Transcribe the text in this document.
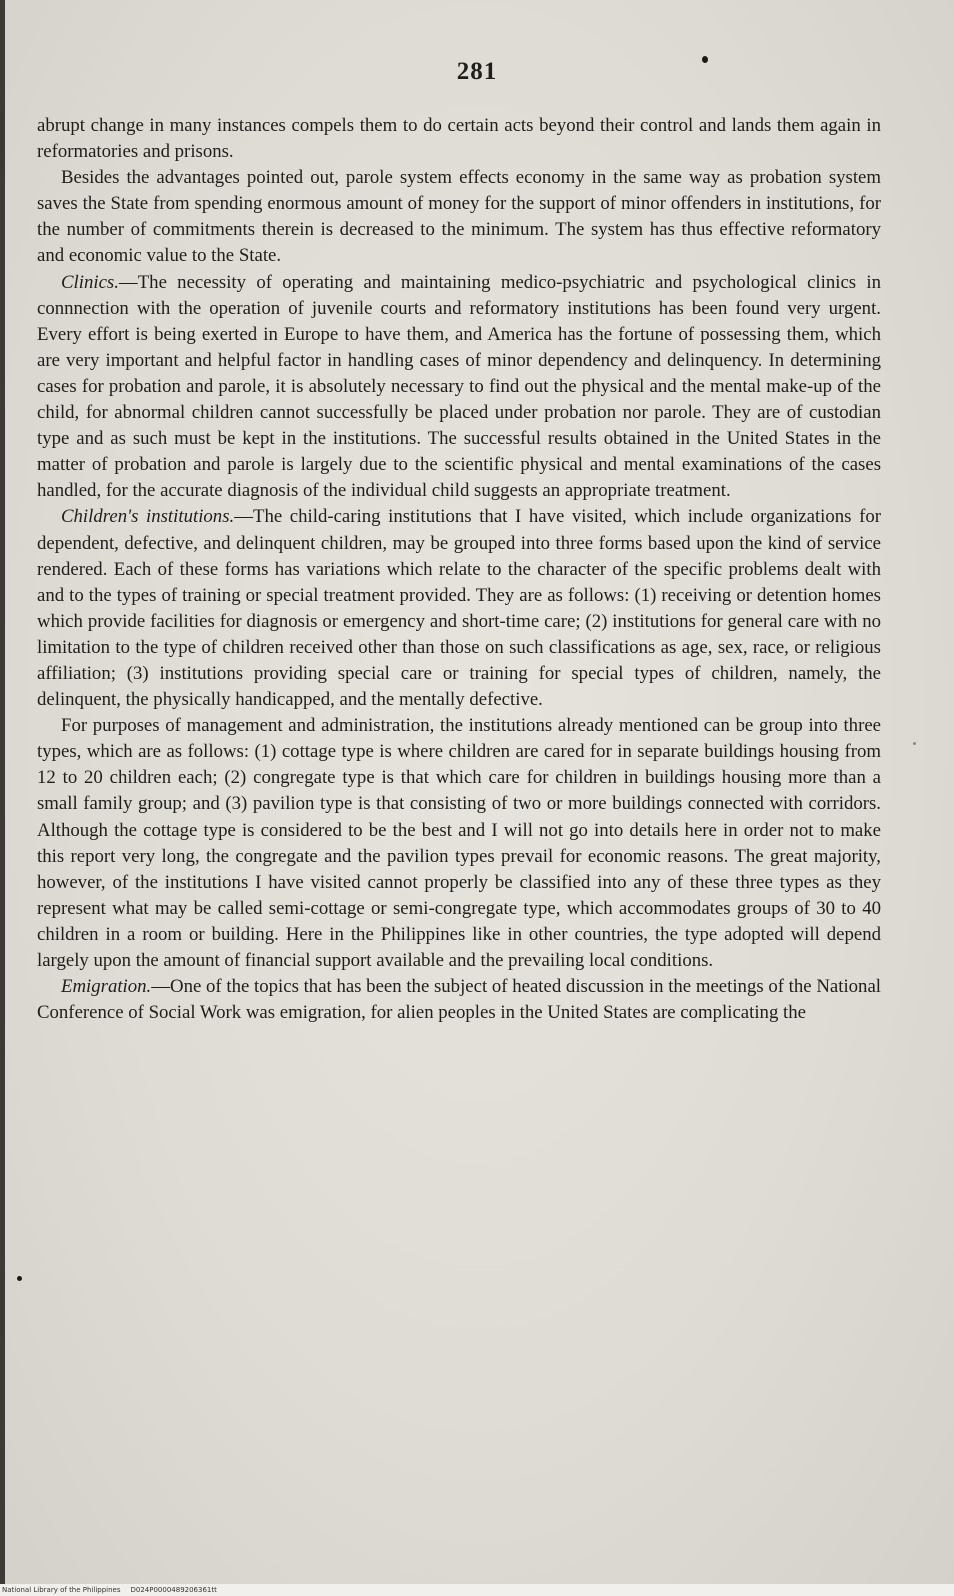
281

abrupt change in many instances compels them to do certain acts beyond their control and lands them again in reformatories and prisons.

Besides the advantages pointed out, parole system effects economy in the same way as probation system saves the State from spending enormous amount of money for the support of minor offenders in institutions, for the number of commitments therein is decreased to the minimum. The system has thus effective reformatory and economic value to the State.

Clinics.—The necessity of operating and maintaining medico-psychiatric and psychological clinics in connnection with the operation of juvenile courts and reformatory institutions has been found very urgent. Every effort is being exerted in Europe to have them, and America has the fortune of possessing them, which are very important and helpful factor in handling cases of minor dependency and delinquency. In determining cases for probation and parole, it is absolutely necessary to find out the physical and the mental make-up of the child, for abnormal children cannot successfully be placed under probation nor parole. They are of custodian type and as such must be kept in the institutions. The successful results obtained in the United States in the matter of probation and parole is largely due to the scientific physical and mental examinations of the cases handled, for the accurate diagnosis of the individual child suggests an appropriate treatment.

Children's institutions.—The child-caring institutions that I have visited, which include organizations for dependent, defective, and delinquent children, may be grouped into three forms based upon the kind of service rendered. Each of these forms has variations which relate to the character of the specific problems dealt with and to the types of training or special treatment provided. They are as follows: (1) receiving or detention homes which provide facilities for diagnosis or emergency and short-time care; (2) institutions for general care with no limitation to the type of children received other than those on such classifications as age, sex, race, or religious affiliation; (3) institutions providing special care or training for special types of children, namely, the delinquent, the physically handicapped, and the mentally defective.

For purposes of management and administration, the institutions already mentioned can be group into three types, which are as follows: (1) cottage type is where children are cared for in separate buildings housing from 12 to 20 children each; (2) congregate type is that which care for children in buildings housing more than a small family group; and (3) pavilion type is that consisting of two or more buildings connected with corridors. Although the cottage type is considered to be the best and I will not go into details here in order not to make this report very long, the congregate and the pavilion types prevail for economic reasons. The great majority, however, of the institutions I have visited cannot properly be classified into any of these three types as they represent what may be called semi-cottage or semi-congregate type, which accommodates groups of 30 to 40 children in a room or building. Here in the Philippines like in other countries, the type adopted will depend largely upon the amount of financial support available and the prevailing local conditions.

Emigration.—One of the topics that has been the subject of heated discussion in the meetings of the National Conference of Social Work was emigration, for alien peoples in the United States are complicating the

National Library of the Philippines D024P0000489206361tt
